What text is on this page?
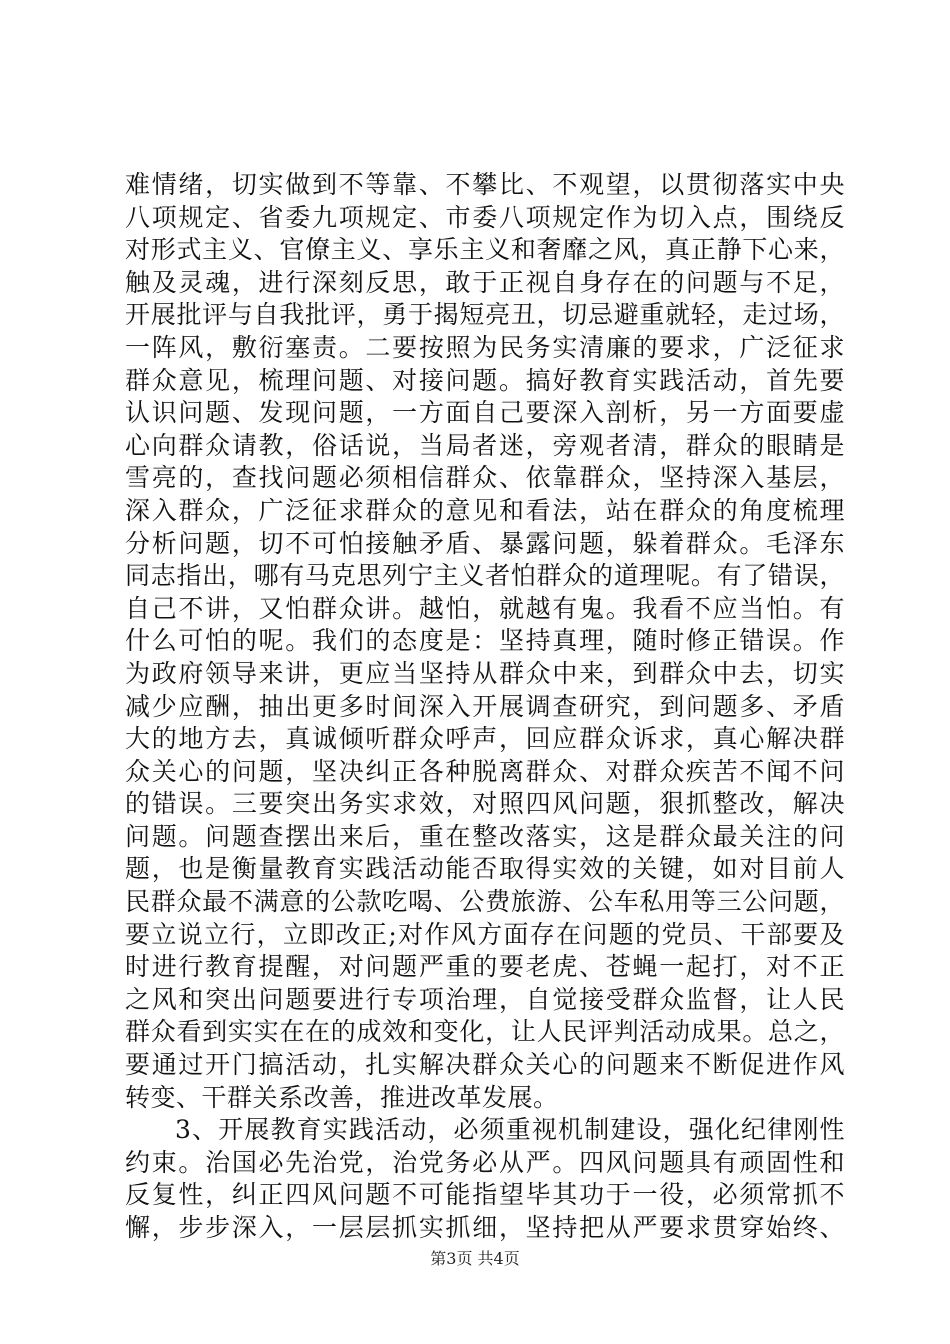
难情绪，切实做到不等靠、不攀比、不观望，以贯彻落实中央
八项规定、省委九项规定、市委八项规定作为切入点，围绕反
对形式主义、官僚主义、享乐主义和奢靡之风，真正静下心来，
触及灵魂，进行深刻反思，敢于正视自身存在的问题与不足，
开展批评与自我批评，勇于揭短亮丑，切忌避重就轻，走过场，
一阵风，敷衍塞责。二要按照为民务实清廉的要求，广泛征求
群众意见，梳理问题、对接问题。搞好教育实践活动，首先要
认识问题、发现问题，一方面自己要深入剖析，另一方面要虚
心向群众请教，俗话说，当局者迷，旁观者清，群众的眼睛是
雪亮的，查找问题必须相信群众、依靠群众，坚持深入基层，
深入群众，广泛征求群众的意见和看法，站在群众的角度梳理
分析问题，切不可怕接触矛盾、暴露问题，躲着群众。毛泽东
同志指出，哪有马克思列宁主义者怕群众的道理呢。有了错误，
自己不讲，又怕群众讲。越怕，就越有鬼。我看不应当怕。有
什么可怕的呢。我们的态度是：坚持真理，随时修正错误。作
为政府领导来讲，更应当坚持从群众中来，到群众中去，切实
减少应酬，抽出更多时间深入开展调查研究，到问题多、矛盾
大的地方去，真诚倾听群众呼声，回应群众诉求，真心解决群
众关心的问题，坚决纠正各种脱离群众、对群众疾苦不闻不问
的错误。三要突出务实求效，对照四风问题，狠抓整改，解决
问题。问题查摆出来后，重在整改落实，这是群众最关注的问
题，也是衡量教育实践活动能否取得实效的关键，如对目前人
民群众最不满意的公款吃喝、公费旅游、公车私用等三公问题，
要立说立行，立即改正;对作风方面存在问题的党员、干部要及
时进行教育提醒，对问题严重的要老虎、苍蝇一起打，对不正
之风和突出问题要进行专项治理，自觉接受群众监督，让人民
群众看到实实在在的成效和变化，让人民评判活动成果。总之，
要通过开门搞活动，扎实解决群众关心的问题来不断促进作风
转变、干群关系改善，推进改革发展。
3、开展教育实践活动，必须重视机制建设，强化纪律刚性
约束。治国必先治党，治党务必从严。四风问题具有顽固性和
反复性，纠正四风问题不可能指望毕其功于一役，必须常抓不
懈，步步深入，一层层抓实抓细，坚持把从严要求贯穿始终、
第3页 共4页
